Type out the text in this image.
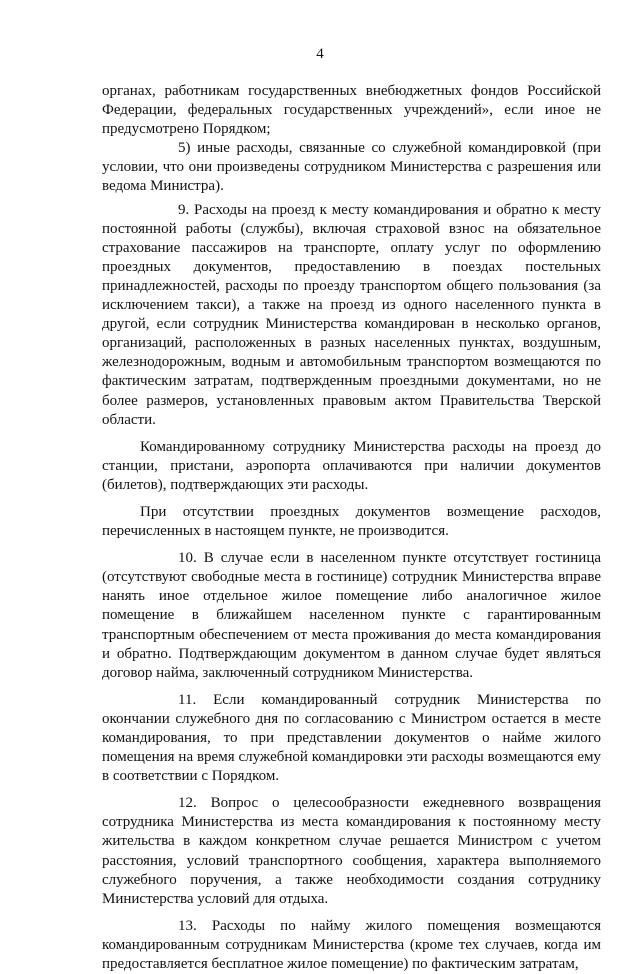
4

органах, работникам государственных внебюджетных фондов Российской Федерации, федеральных государственных учреждений», если иное не предусмотрено Порядком;

5) иные расходы, связанные со служебной командировкой (при условии, что они произведены сотрудником Министерства с разрешения или ведома Министра).

9. Расходы на проезд к месту командирования и обратно к месту постоянной работы (службы), включая страховой взнос на обязательное страхование пассажиров на транспорте, оплату услуг по оформлению проездных документов, предоставлению в поездах постельных принадлежностей, расходы по проезду транспортом общего пользования (за исключением такси), а также на проезд из одного населенного пункта в другой, если сотрудник Министерства командирован в несколько органов, организаций, расположенных в разных населенных пунктах, воздушным, железнодорожным, водным и автомобильным транспортом возмещаются по фактическим затратам, подтвержденным проездными документами, но не более размеров, установленных правовым актом Правительства Тверской области.

Командированному сотруднику Министерства расходы на проезд до станции, пристани, аэропорта оплачиваются при наличии документов (билетов), подтверждающих эти расходы.

При отсутствии проездных документов возмещение расходов, перечисленных в настоящем пункте, не производится.

10. В случае если в населенном пункте отсутствует гостиница (отсутствуют свободные места в гостинице) сотрудник Министерства вправе нанять иное отдельное жилое помещение либо аналогичное жилое помещение в ближайшем населенном пункте с гарантированным транспортным обеспечением от места проживания до места командирования и обратно. Подтверждающим документом в данном случае будет являться договор найма, заключенный сотрудником Министерства.

11. Если командированный сотрудник Министерства по окончании служебного дня по согласованию с Министром остается в месте командирования, то при представлении документов о найме жилого помещения на время служебной командировки эти расходы возмещаются ему в соответствии с Порядком.

12. Вопрос о целесообразности ежедневного возвращения сотрудника Министерства из места командирования к постоянному месту жительства в каждом конкретном случае решается Министром с учетом расстояния, условий транспортного сообщения, характера выполняемого служебного поручения, а также необходимости создания сотруднику Министерства условий для отдыха.

13. Расходы по найму жилого помещения возмещаются командированным сотрудникам Министерства (кроме тех случаев, когда им предоставляется бесплатное жилое помещение) по фактическим затратам,
